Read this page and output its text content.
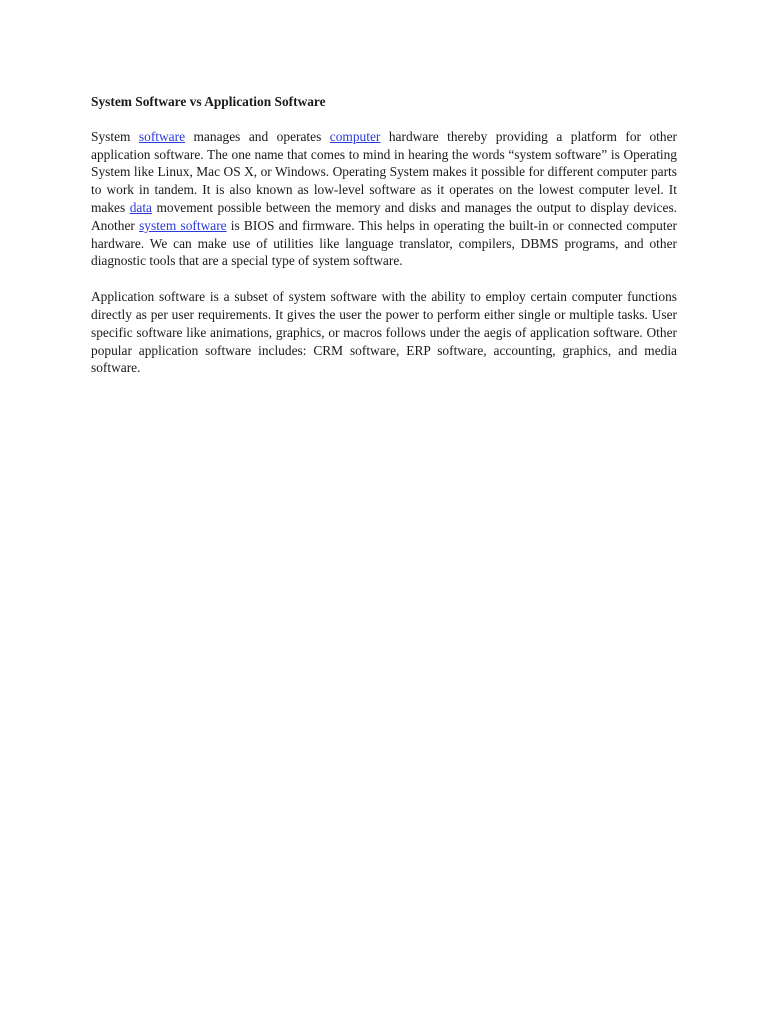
System Software vs Application Software

System software manages and operates computer hardware thereby providing a platform for other application software. The one name that comes to mind in hearing the words “system software” is Operating System like Linux, Mac OS X, or Windows. Operating System makes it possible for different computer parts to work in tandem. It is also known as low-level software as it operates on the lowest computer level. It makes data movement possible between the memory and disks and manages the output to display devices. Another system software is BIOS and firmware. This helps in operating the built-in or connected computer hardware. We can make use of utilities like language translator, compilers, DBMS programs, and other diagnostic tools that are a special type of system software.

Application software is a subset of system software with the ability to employ certain computer functions directly as per user requirements. It gives the user the power to perform either single or multiple tasks. User specific software like animations, graphics, or macros follows under the aegis of application software. Other popular application software includes: CRM software, ERP software, accounting, graphics, and media software.
